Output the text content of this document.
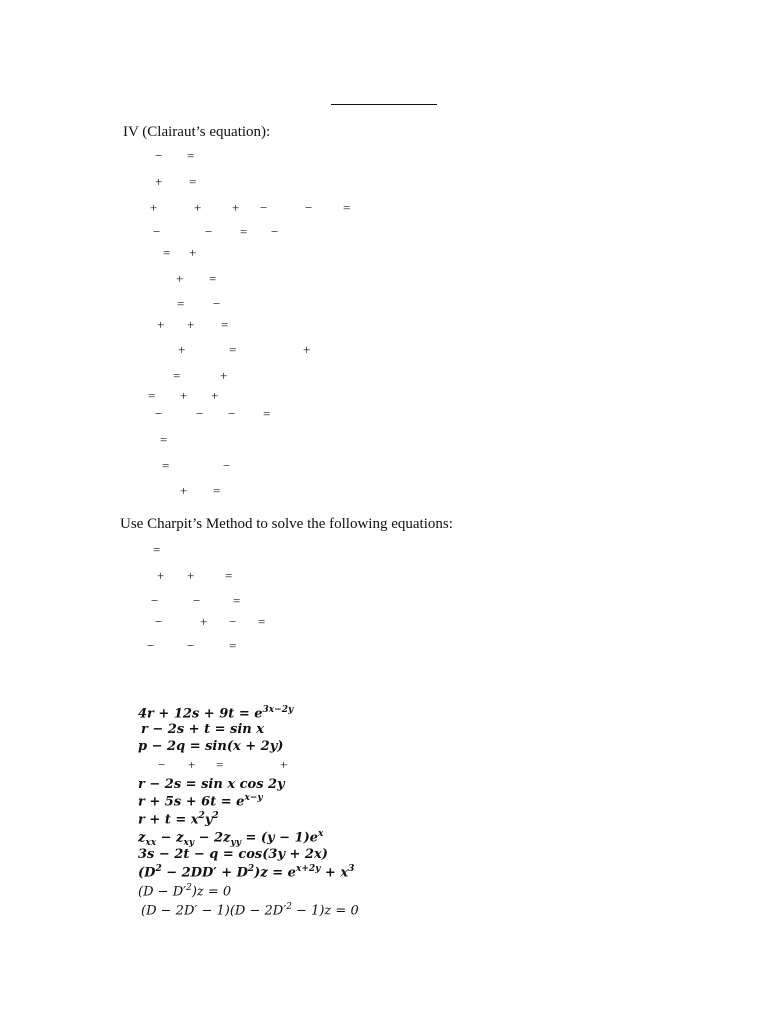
IV (Clairaut’s equation):
− =
+ =
+	+ + −	− =
−	− = −
= +
+ =
= −
+ + =
+	=	+
=	+
= + +
−	− − =
=
=	−
+ =
Use Charpit’s Method to solve the following equations:
=
+ + =
−	−	=
−	+ − =
−	−	=
$4r + 12s + 9t = e^{3x-2y}$
r − 2s + t = sin x
p − 2q = sin(x + 2y)
− + =	+
r − 2s = sin x cos 2y
$r + 5s + 6t = e^{x-y}$
$r + t = x^2y^2$
$z_{xx} - z_{xy} - 2z_{yy} = (y - 1)e^x$
3s − 2t − q = cos(3y + 2x)
$(D^2 - 2DD' + D^2)z = e^{x+2y} + x^3$
$(D - D'^2)z = 0$
$(D - 2D' - 1)(D - 2D'^2 - 1)z = 0$
